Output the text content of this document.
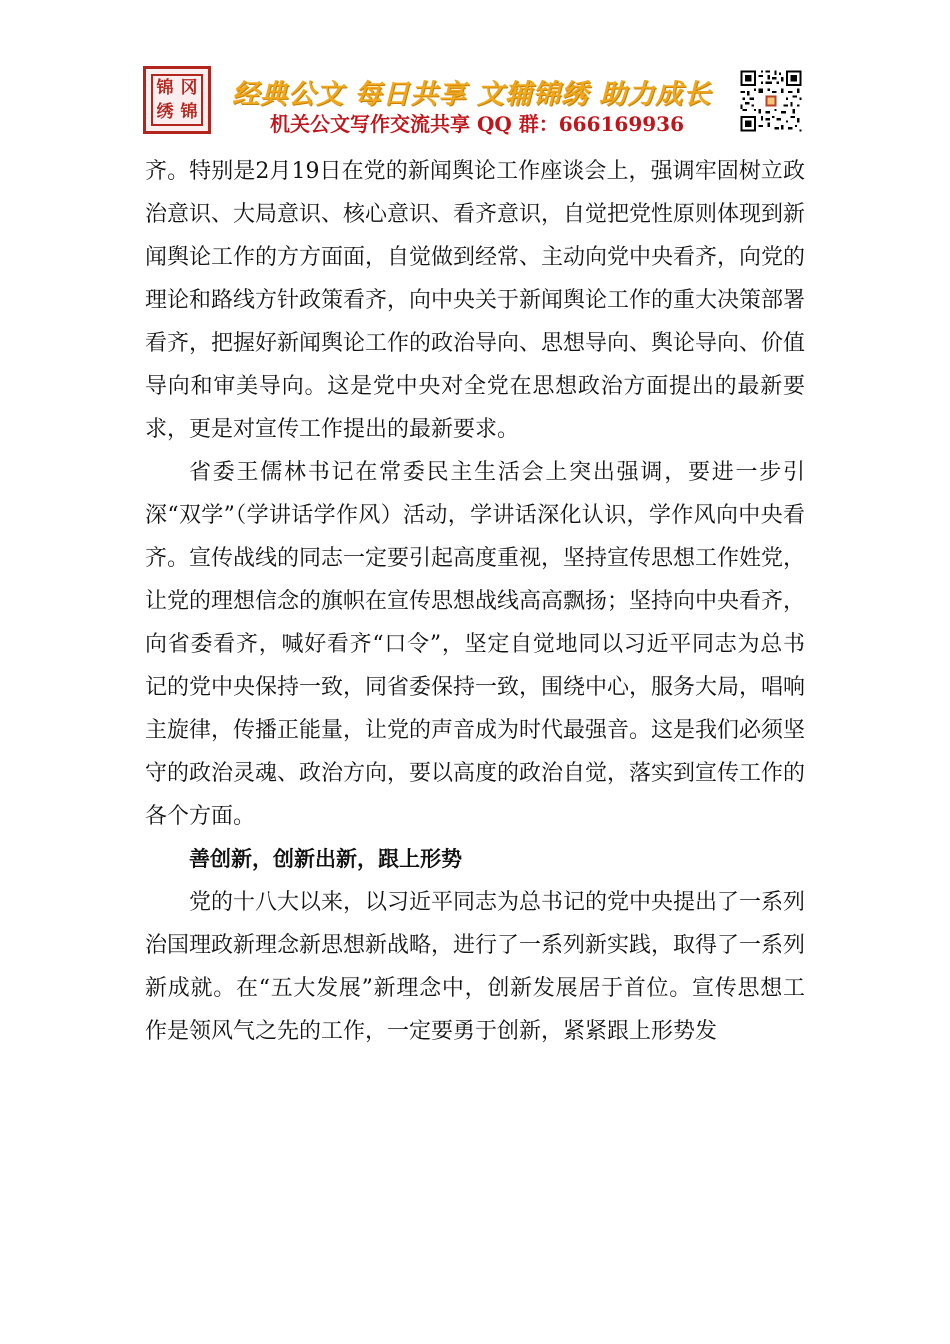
锦 冈
绣 锦
经典公文 每日共享 文辅锦绣 助力成长
机关公文写作交流共享 QQ 群：666169936

齐。特别是2月19日在党的新闻舆论工作座谈会上，强调牢固树立政治意识、大局意识、核心意识、看齐意识，自觉把党性原则体现到新闻舆论工作的方方面面，自觉做到经常、主动向党中央看齐，向党的理论和路线方针政策看齐，向中央关于新闻舆论工作的重大决策部署看齐，把握好新闻舆论工作的政治导向、思想导向、舆论导向、价值导向和审美导向。这是党中央对全党在思想政治方面提出的最新要求，更是对宣传工作提出的最新要求。

省委王儒林书记在常委民主生活会上突出强调，要进一步引深“双学”（学讲话学作风）活动，学讲话深化认识，学作风向中央看齐。宣传战线的同志一定要引起高度重视，坚持宣传思想工作姓党，让党的理想信念的旗帜在宣传思想战线高高飘扬；坚持向中央看齐，向省委看齐，喊好看齐“口令”，坚定自觉地同以习近平同志为总书记的党中央保持一致，同省委保持一致，围绕中心，服务大局，唱响主旋律，传播正能量，让党的声音成为时代最强音。这是我们必须坚守的政治灵魂、政治方向，要以高度的政治自觉，落实到宣传工作的各个方面。

善创新，创新出新，跟上形势

党的十八大以来，以习近平同志为总书记的党中央提出了一系列治国理政新理念新思想新战略，进行了一系列新实践，取得了一系列新成就。在“五大发展”新理念中，创新发展居于首位。宣传思想工作是领风气之先的工作，一定要勇于创新，紧紧跟上形势发
